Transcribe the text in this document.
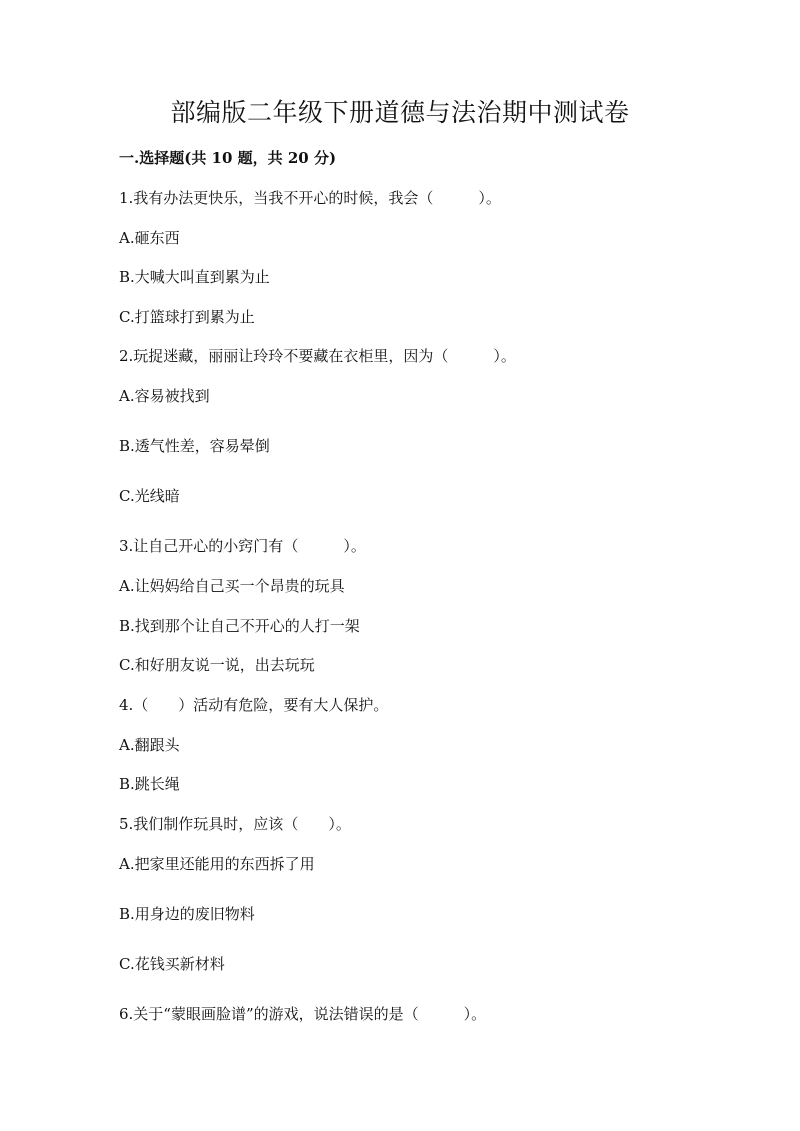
部编版二年级下册道德与法治期中测试卷
一.选择题(共 10 题，共 20 分)
1.我有办法更快乐，当我不开心的时候，我会（　　　）。
A.砸东西
B.大喊大叫直到累为止
C.打篮球打到累为止
2.玩捉迷藏，丽丽让玲玲不要藏在衣柜里，因为（　　　）。
A.容易被找到
B.透气性差，容易晕倒
C.光线暗
3.让自己开心的小窍门有（　　　）。
A.让妈妈给自己买一个昂贵的玩具
B.找到那个让自己不开心的人打一架
C.和好朋友说一说，出去玩玩
4.（　　）活动有危险，要有大人保护。
A.翻跟头
B.跳长绳
5.我们制作玩具时，应该（　　）。
A.把家里还能用的东西拆了用
B.用身边的废旧物料
C.花钱买新材料
6.关于“蒙眼画脸谱”的游戏，说法错误的是（　　　）。
